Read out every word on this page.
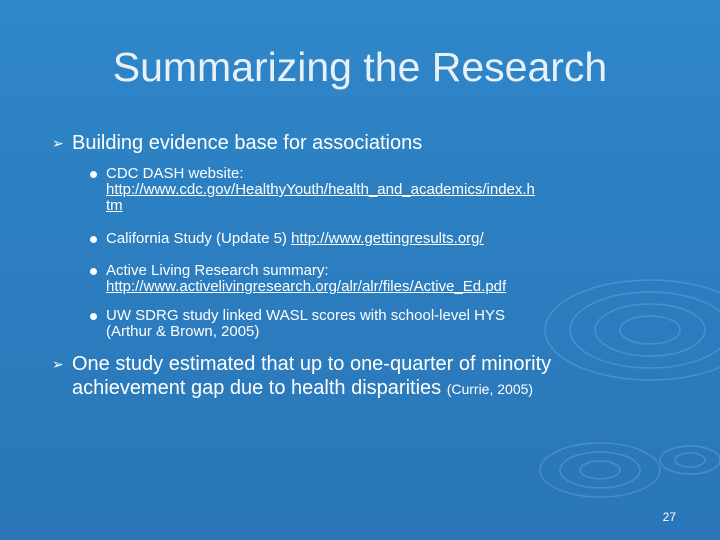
Summarizing the Research
➢ Building evidence base for associations
CDC DASH website:
http://www.cdc.gov/HealthyYouth/health_and_academics/index.h
tm
California Study (Update 5) http://www.gettingresults.org/
Active Living Research summary:
http://www.activelivingresearch.org/alr/alr/files/Active_Ed.pdf
UW SDRG study linked WASL scores with school-level HYS
(Arthur & Brown, 2005)
➢ One study estimated that up to one-quarter of minority
achievement gap due to health disparities (Currie, 2005)
27
